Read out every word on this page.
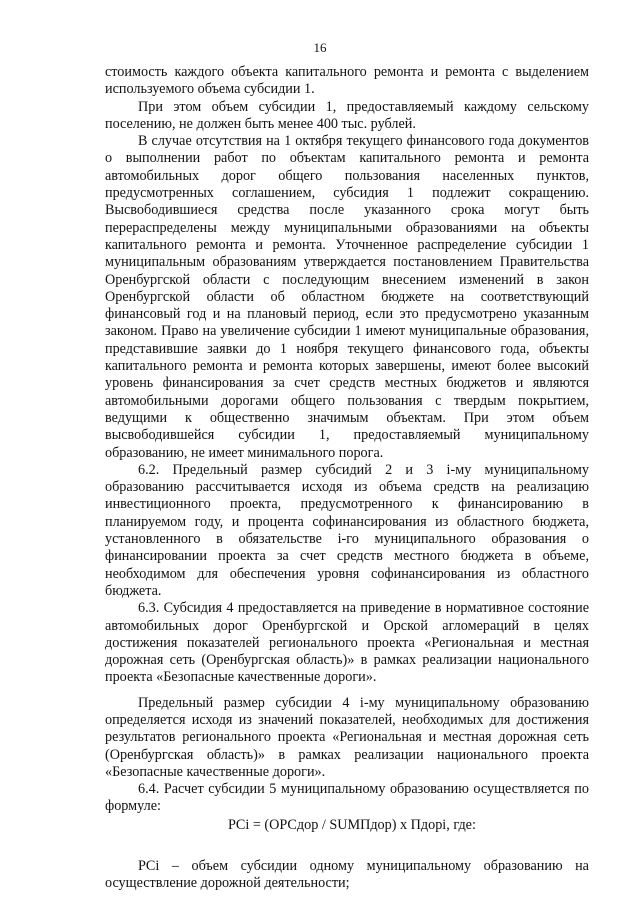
16

стоимость каждого объекта капитального ремонта и ремонта с выделением используемого объема субсидии 1.

При этом объем субсидии 1, предоставляемый каждому сельскому поселению, не должен быть менее 400 тыс. рублей.

В случае отсутствия на 1 октября текущего финансового года документов о выполнении работ по объектам капитального ремонта и ремонта автомобильных дорог общего пользования населенных пунктов, предусмотренных соглашением, субсидия 1 подлежит сокращению. Высвободившиеся средства после указанного срока могут быть перераспределены между муниципальными образованиями на объекты капитального ремонта и ремонта. Уточненное распределение субсидии 1 муниципальным образованиям утверждается постановлением Правительства Оренбургской области с последующим внесением изменений в закон Оренбургской области об областном бюджете на соответствующий финансовый год и на плановый период, если это предусмотрено указанным законом. Право на увеличение субсидии 1 имеют муниципальные образования, представившие заявки до 1 ноября текущего финансового года, объекты капитального ремонта и ремонта которых завершены, имеют более высокий уровень финансирования за счет средств местных бюджетов и являются автомобильными дорогами общего пользования с твердым покрытием, ведущими к общественно значимым объектам. При этом объем высвободившейся субсидии 1, предоставляемый муниципальному образованию, не имеет минимального порога.

6.2. Предельный размер субсидий 2 и 3 i-му муниципальному образованию рассчитывается исходя из объема средств на реализацию инвестиционного проекта, предусмотренного к финансированию в планируемом году, и процента софинансирования из областного бюджета, установленного в обязательстве i-го муниципального образования о финансировании проекта за счет средств местного бюджета в объеме, необходимом для обеспечения уровня софинансирования из областного бюджета.

6.3. Субсидия 4 предоставляется на приведение в нормативное состояние автомобильных дорог Оренбургской и Орской агломераций в целях достижения показателей регионального проекта «Региональная и местная дорожная сеть (Оренбургская область)» в рамках реализации национального проекта «Безопасные качественные дороги».

Предельный размер субсидии 4 i-му муниципальному образованию определяется исходя из значений показателей, необходимых для достижения результатов регионального проекта «Региональная и местная дорожная сеть (Оренбургская область)» в рамках реализации национального проекта «Безопасные качественные дороги».

6.4. Расчет субсидии 5 муниципальному образованию осуществляется по формуле:

PCi = (ОРСдор / SUMПдор) x Пдорi, где:

PCi – объем субсидии одному муниципальному образованию на осуществление дорожной деятельности;
